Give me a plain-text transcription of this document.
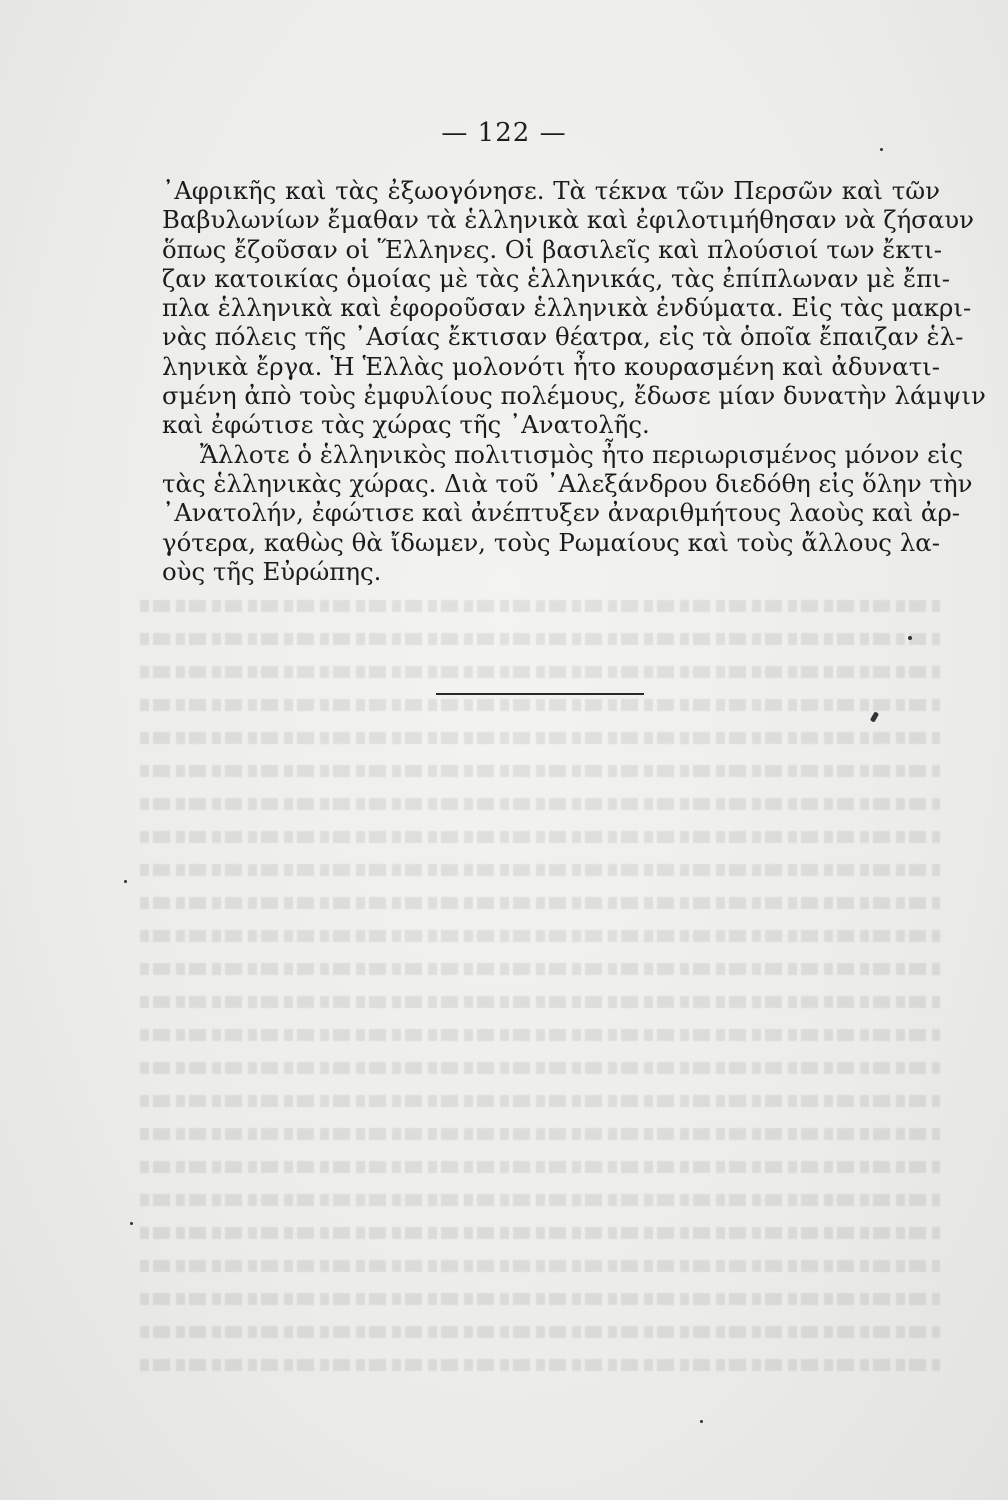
— 122 —
᾽Αφρικῆς καὶ τὰς ἐξωογόνησε. Τὰ τέκνα τῶν Περσῶν καὶ τῶν
Βαβυλωνίων ἔμαθαν τὰ ἑλληνικὰ καὶ ἐφιλοτιμήθησαν νὰ ζήσαυν
ὅπως ἔζοῦσαν οἱ Ἕλληνες. Οἱ βασιλεῖς καὶ πλούσιοί των ἔκτι-
ζαν κατοικίας ὁμοίας μὲ τὰς ἑλληνικάς, τὰς ἐπίπλωναν μὲ ἔπι-
πλα ἑλληνικὰ καὶ ἐφοροῦσαν ἑλληνικὰ ἐνδύματα. Εἰς τὰς μακρι-
νὰς πόλεις τῆς ᾽Ασίας ἔκτισαν θέατρα, εἰς τὰ ὁποῖα ἔπαιζαν ἑλ-
ληνικὰ ἔργα. Ἡ Ἑλλὰς μολονότι ἦτο κουρασμένη καὶ ἀδυνατι-
σμένη ἀπὸ τοὺς ἐμφυλίους πολέμους, ἔδωσε μίαν δυνατὴν λάμψιν
καὶ ἐφώτισε τὰς χώρας τῆς ᾽Ανατολῆς.
Ἄλλοτε ὁ ἑλληνικὸς πολιτισμὸς ἦτο περιωρισμένος μόνον εἰς
τὰς ἑλληνικὰς χώρας. Διὰ τοῦ ᾽Αλεξάνδρου διεδόθη εἰς ὅλην τὴν
᾽Ανατολήν, ἐφώτισε καὶ ἀνέπτυξεν ἀναριθμήτους λαοὺς καὶ ἀρ-
γότερα, καθὼς θὰ ἴδωμεν, τοὺς Ρωμαίους καὶ τοὺς ἄλλους λα-
οὺς τῆς Εὐρώπης.
